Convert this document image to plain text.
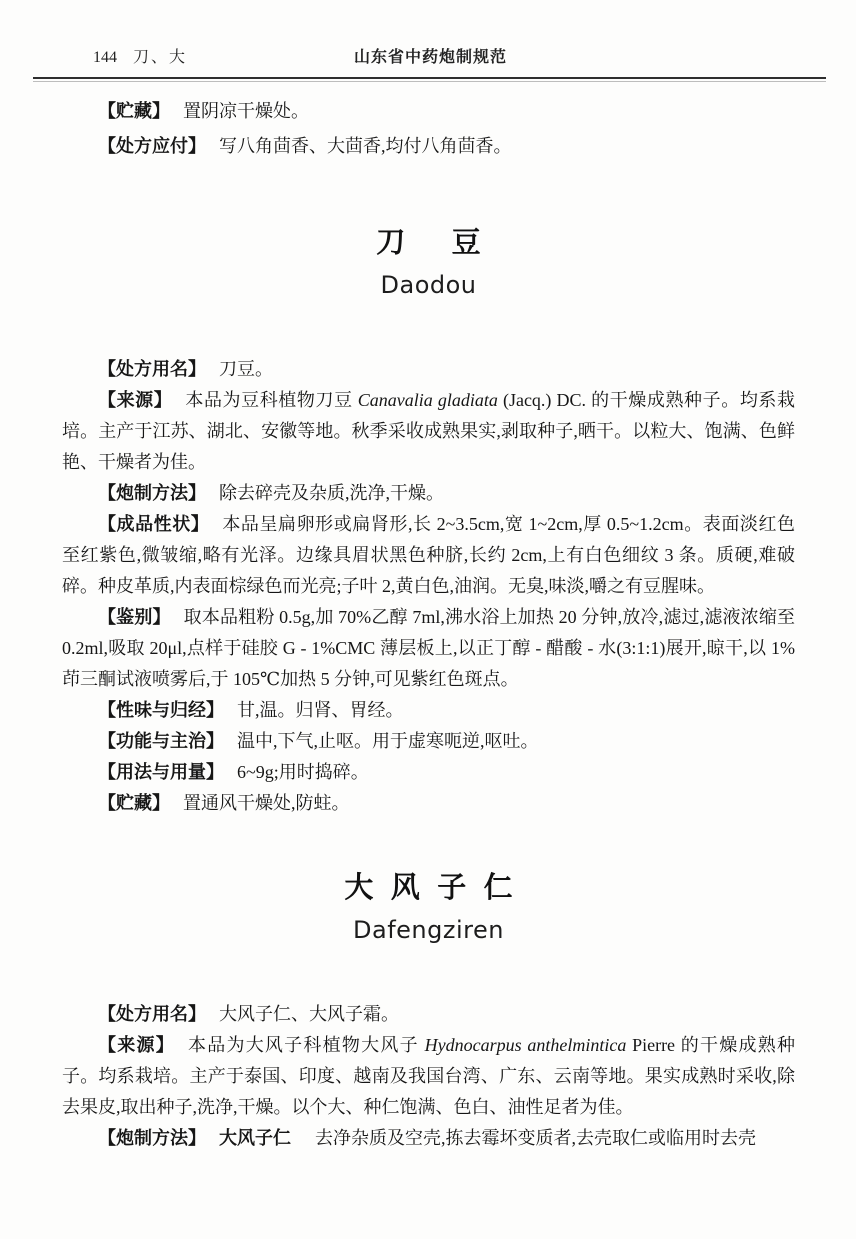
山东省中药炮制规范
144 刀、大

【贮藏】 置阴凉干燥处。

【处方应付】 写八角茴香、大茴香,均付八角茴香。

刀豆
Daodou

【处方用名】 刀豆。

【来源】 本品为豆科植物刀豆 Canavalia gladiata (Jacq.) DC. 的干燥成熟种子。均系栽培。主产于江苏、湖北、安徽等地。秋季采收成熟果实,剥取种子,晒干。以粒大、饱满、色鲜艳、干燥者为佳。

【炮制方法】 除去碎壳及杂质,洗净,干燥。

【成品性状】 本品呈扁卵形或扁肾形,长 2~3.5cm,宽 1~2cm,厚 0.5~1.2cm。表面淡红色至红紫色,微皱缩,略有光泽。边缘具眉状黑色种脐,长约 2cm,上有白色细纹 3 条。质硬,难破碎。种皮革质,内表面棕绿色而光亮;子叶 2,黄白色,油润。无臭,味淡,嚼之有豆腥味。

【鉴别】 取本品粗粉 0.5g,加 70%乙醇 7ml,沸水浴上加热 20 分钟,放冷,滤过,滤液浓缩至 0.2ml,吸取 20μl,点样于硅胶 G - 1%CMC 薄层板上,以正丁醇 - 醋酸 - 水(3:1:1)展开,晾干,以 1%茚三酮试液喷雾后,于 105℃加热 5 分钟,可见紫红色斑点。

【性味与归经】 甘,温。归肾、胃经。

【功能与主治】 温中,下气,止呕。用于虚寒呃逆,呕吐。

【用法与用量】 6~9g;用时捣碎。

【贮藏】 置通风干燥处,防蛀。

大风子仁
Dafengziren

【处方用名】 大风子仁、大风子霜。

【来源】 本品为大风子科植物大风子 Hydnocarpus anthelmintica Pierre 的干燥成熟种子。均系栽培。主产于泰国、印度、越南及我国台湾、广东、云南等地。果实成熟时采收,除去果皮,取出种子,洗净,干燥。以个大、种仁饱满、色白、油性足者为佳。

【炮制方法】 大风子仁 去净杂质及空壳,拣去霉坏变质者,去壳取仁或临用时去壳
